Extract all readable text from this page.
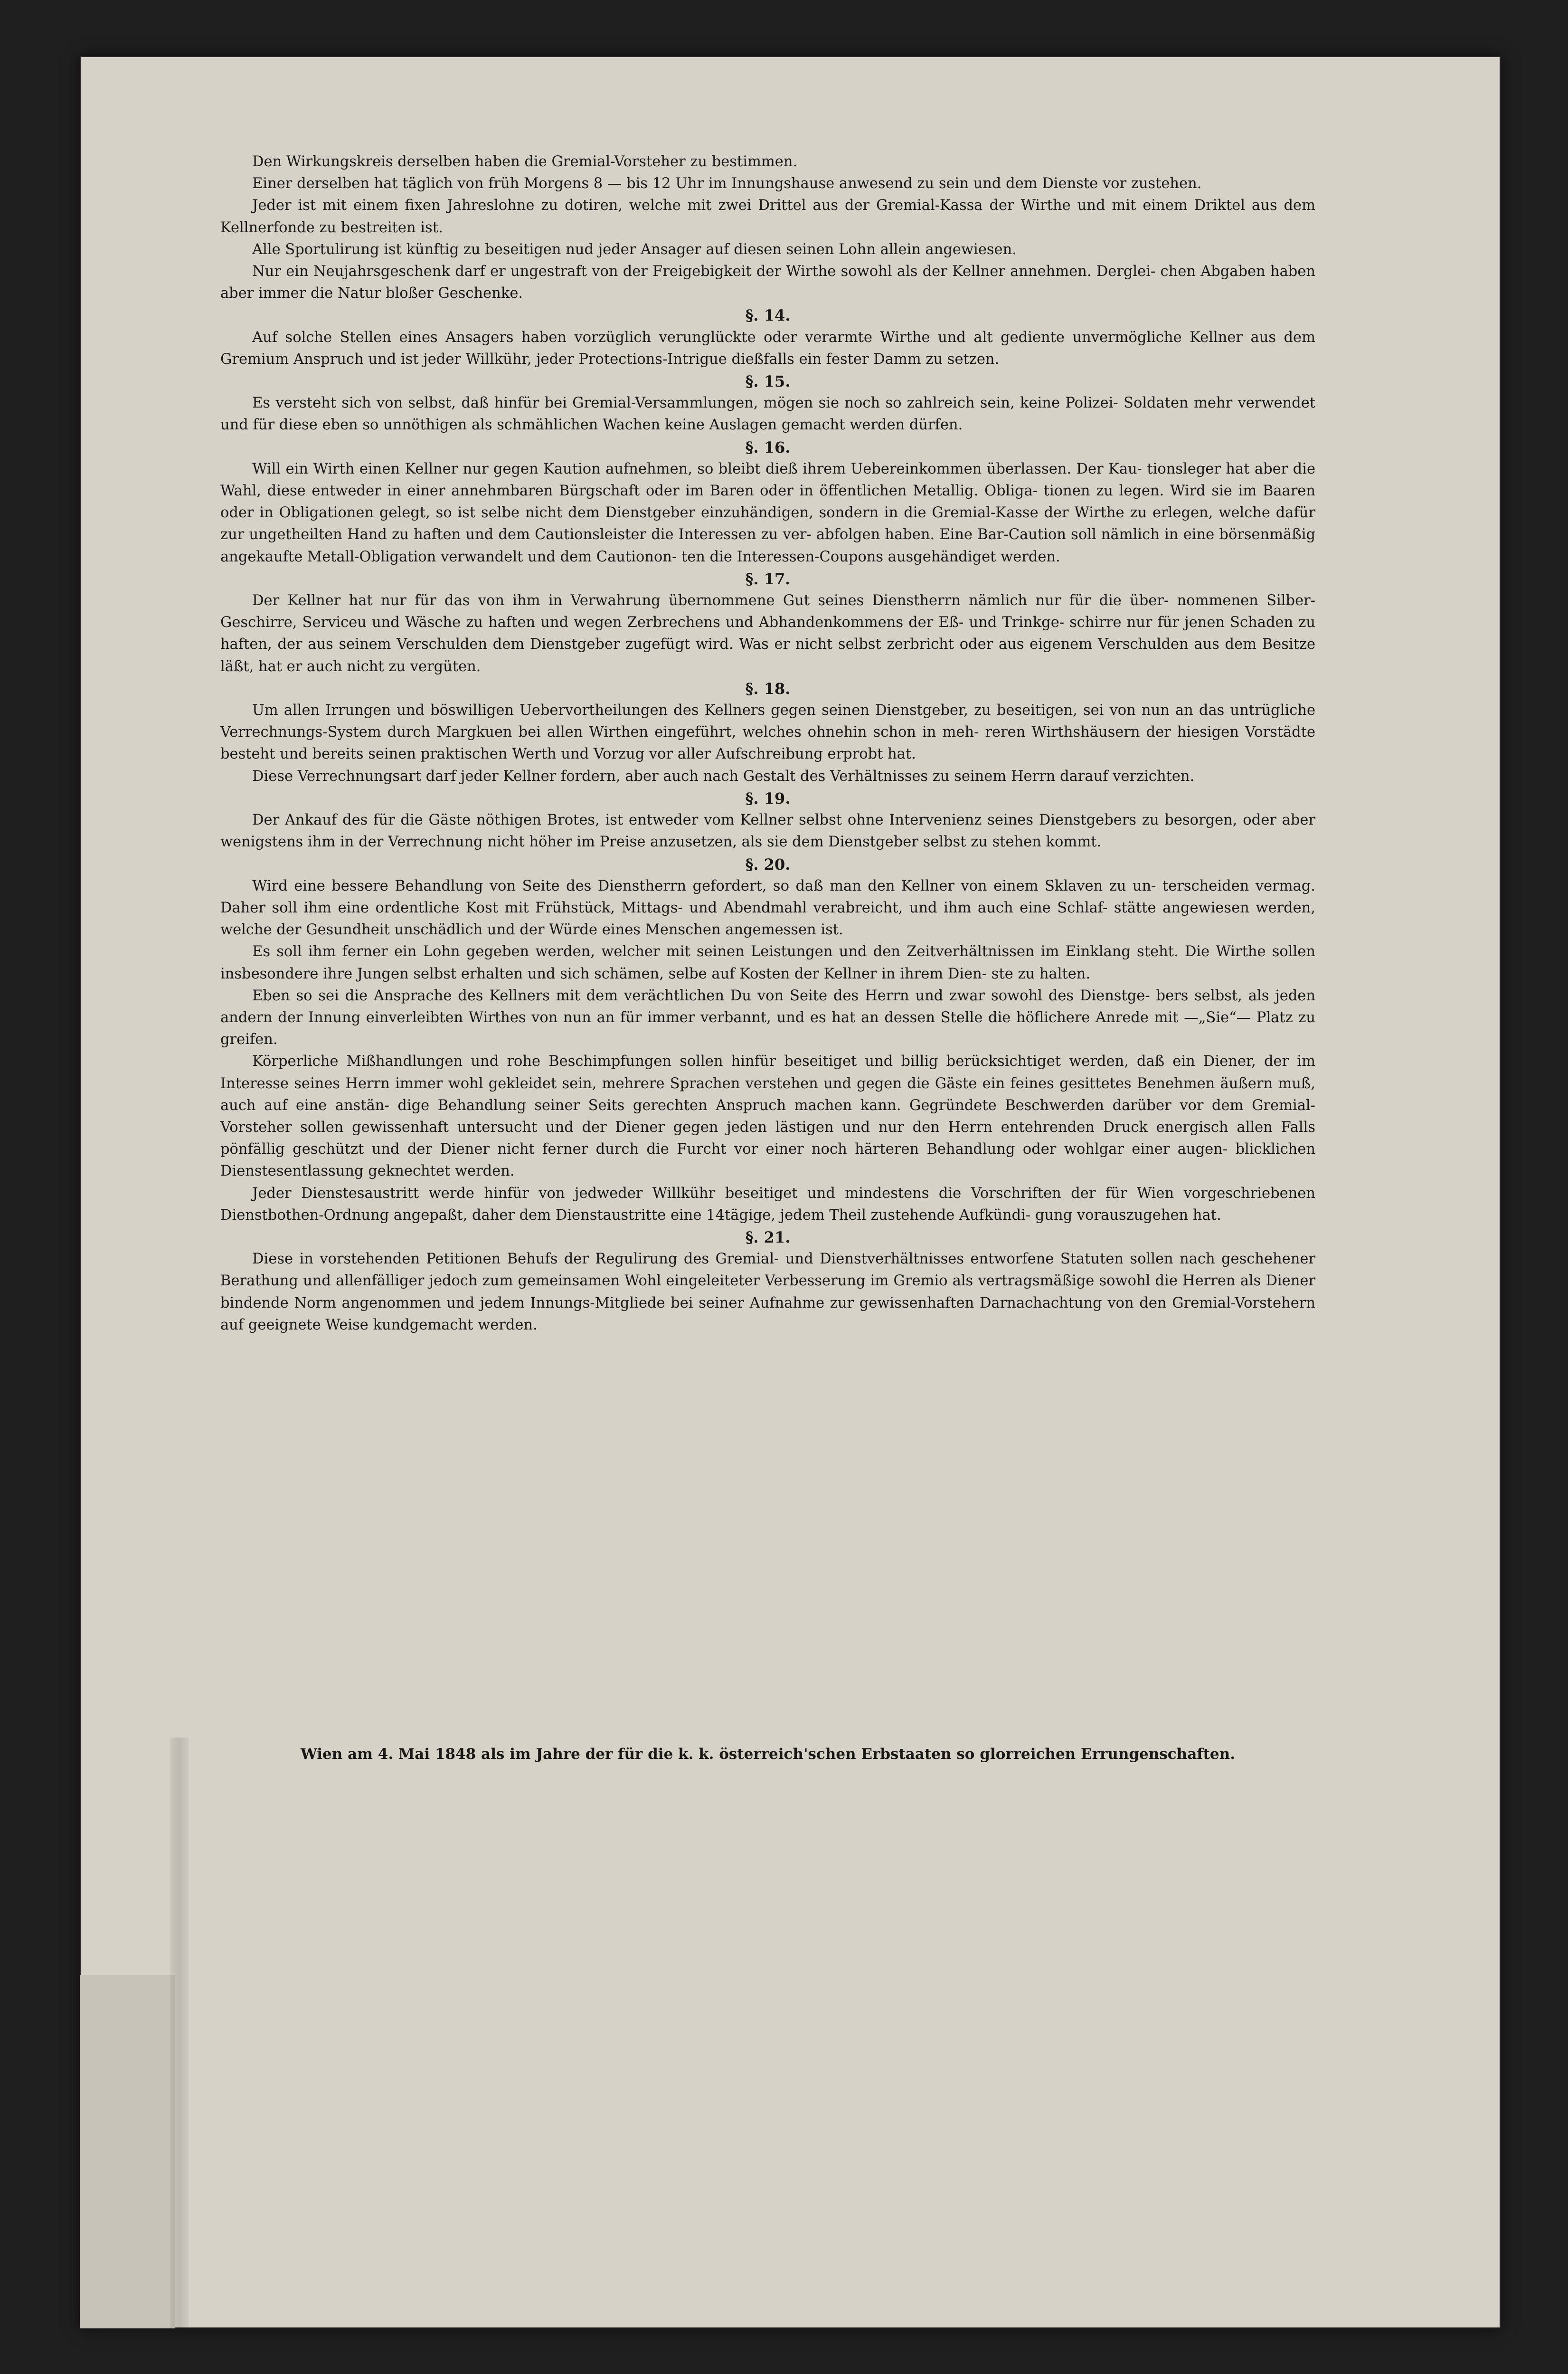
Den Wirkungskreis derselben haben die Gremial-Vorsteher zu bestimmen.

Einer derselben hat täglich von früh Morgens 8 — bis 12 Uhr im Innungshause anwesend zu sein und dem Dienste vor zustehen.

Jeder ist mit einem fixen Jahreslohne zu dotiren, welche mit zwei Drittel aus der Gremial-Kassa der Wirthe und mit einem Driktel aus dem Kellnerfonde zu bestreiten ist.

Alle Sportulirung ist künftig zu beseitigen nud jeder Ansager auf diesen seinen Lohn allein angewiesen.

Nur ein Neujahrsgeschenk darf er ungestraft von der Freigebigkeit der Wirthe sowohl als der Kellner annehmen. Derglei- chen Abgaben haben aber immer die Natur bloßer Geschenke.

§. 14.

Auf solche Stellen eines Ansagers haben vorzüglich verunglückte oder verarmte Wirthe und alt gediente unvermögliche Kellner aus dem Gremium Anspruch und ist jeder Willkühr, jeder Protections-Intrigue dießfalls ein fester Damm zu setzen.

§. 15.

Es versteht sich von selbst, daß hinfür bei Gremial-Versammlungen, mögen sie noch so zahlreich sein, keine Polizei- Soldaten mehr verwendet und für diese eben so unnöthigen als schmählichen Wachen keine Auslagen gemacht werden dürfen.

§. 16.

Will ein Wirth einen Kellner nur gegen Kaution aufnehmen, so bleibt dieß ihrem Uebereinkommen überlassen. Der Kau- tionsleger hat aber die Wahl, diese entweder in einer annehmbaren Bürgschaft oder im Baren oder in öffentlichen Metallig. Obliga- tionen zu legen. Wird sie im Baaren oder in Obligationen gelegt, so ist selbe nicht dem Dienstgeber einzuhändigen, sondern in die Gremial-Kasse der Wirthe zu erlegen, welche dafür zur ungetheilten Hand zu haften und dem Cautionsleister die Interessen zu ver- abfolgen haben. Eine Bar-Caution soll nämlich in eine börsenmäßig angekaufte Metall-Obligation verwandelt und dem Cautionon- ten die Interessen-Coupons ausgehändiget werden.

§. 17.

Der Kellner hat nur für das von ihm in Verwahrung übernommene Gut seines Dienstherrn nämlich nur für die über- nommenen Silber-Geschirre, Serviceu und Wäsche zu haften und wegen Zerbrechens und Abhandenkommens der Eß- und Trinkge- schirre nur für jenen Schaden zu haften, der aus seinem Verschulden dem Dienstgeber zugefügt wird. Was er nicht selbst zerbricht oder aus eigenem Verschulden aus dem Besitze läßt, hat er auch nicht zu vergüten.

§. 18.

Um allen Irrungen und böswilligen Uebervortheilungen des Kellners gegen seinen Dienstgeber, zu beseitigen, sei von nun an das untrügliche Verrechnungs-System durch Margkuen bei allen Wirthen eingeführt, welches ohnehin schon in meh- reren Wirthshäusern der hiesigen Vorstädte besteht und bereits seinen praktischen Werth und Vorzug vor aller Aufschreibung erprobt hat.

Diese Verrechnungsart darf jeder Kellner fordern, aber auch nach Gestalt des Verhältnisses zu seinem Herrn darauf verzichten.

§. 19.

Der Ankauf des für die Gäste nöthigen Brotes, ist entweder vom Kellner selbst ohne Intervenienz seines Dienstgebers zu besorgen, oder aber wenigstens ihm in der Verrechnung nicht höher im Preise anzusetzen, als sie dem Dienstgeber selbst zu stehen kommt.

§. 20.

Wird eine bessere Behandlung von Seite des Dienstherrn gefordert, so daß man den Kellner von einem Sklaven zu un- terscheiden vermag. Daher soll ihm eine ordentliche Kost mit Frühstück, Mittags- und Abendmahl verabreicht, und ihm auch eine Schlaf- stätte angewiesen werden, welche der Gesundheit unschädlich und der Würde eines Menschen angemessen ist.

Es soll ihm ferner ein Lohn gegeben werden, welcher mit seinen Leistungen und den Zeitverhältnissen im Einklang steht. Die Wirthe sollen insbesondere ihre Jungen selbst erhalten und sich schämen, selbe auf Kosten der Kellner in ihrem Dien- ste zu halten.

Eben so sei die Ansprache des Kellners mit dem verächtlichen Du von Seite des Herrn und zwar sowohl des Dienstge- bers selbst, als jeden andern der Innung einverleibten Wirthes von nun an für immer verbannt, und es hat an dessen Stelle die höflichere Anrede mit —„Sie“— Platz zu greifen.

Körperliche Mißhandlungen und rohe Beschimpfungen sollen hinfür beseitiget und billig berücksichtiget werden, daß ein Diener, der im Interesse seines Herrn immer wohl gekleidet sein, mehrere Sprachen verstehen und gegen die Gäste ein feines gesittetes Benehmen äußern muß, auch auf eine anstän- dige Behandlung seiner Seits gerechten Anspruch machen kann. Gegründete Beschwerden darüber vor dem Gremial-Vorsteher sollen gewissenhaft untersucht und der Diener gegen jeden lästigen und nur den Herrn entehrenden Druck energisch allen Falls pönfällig geschützt und der Diener nicht ferner durch die Furcht vor einer noch härteren Behandlung oder wohlgar einer augen- blicklichen Dienstesentlassung geknechtet werden.

Jeder Dienstesaustritt werde hinfür von jedweder Willkühr beseitiget und mindestens die Vorschriften der für Wien vorgeschriebenen Dienstbothen-Ordnung angepaßt, daher dem Dienstaustritte eine 14tägige, jedem Theil zustehende Aufkündi- gung vorauszugehen hat.

§. 21.

Diese in vorstehenden Petitionen Behufs der Regulirung des Gremial- und Dienstverhältnisses entworfene Statuten sollen nach geschehener Berathung und allenfälliger jedoch zum gemeinsamen Wohl eingeleiteter Verbesserung im Gremio als vertragsmäßige sowohl die Herren als Diener bindende Norm angenommen und jedem Innungs-Mitgliede bei seiner Aufnahme zur gewissenhaften Darnachachtung von den Gremial-Vorstehern auf geeignete Weise kundgemacht werden.

Wien am 4. Mai 1848 als im Jahre der für die k. k. österreich'schen Erbstaaten so glorreichen Errungenschaften.
